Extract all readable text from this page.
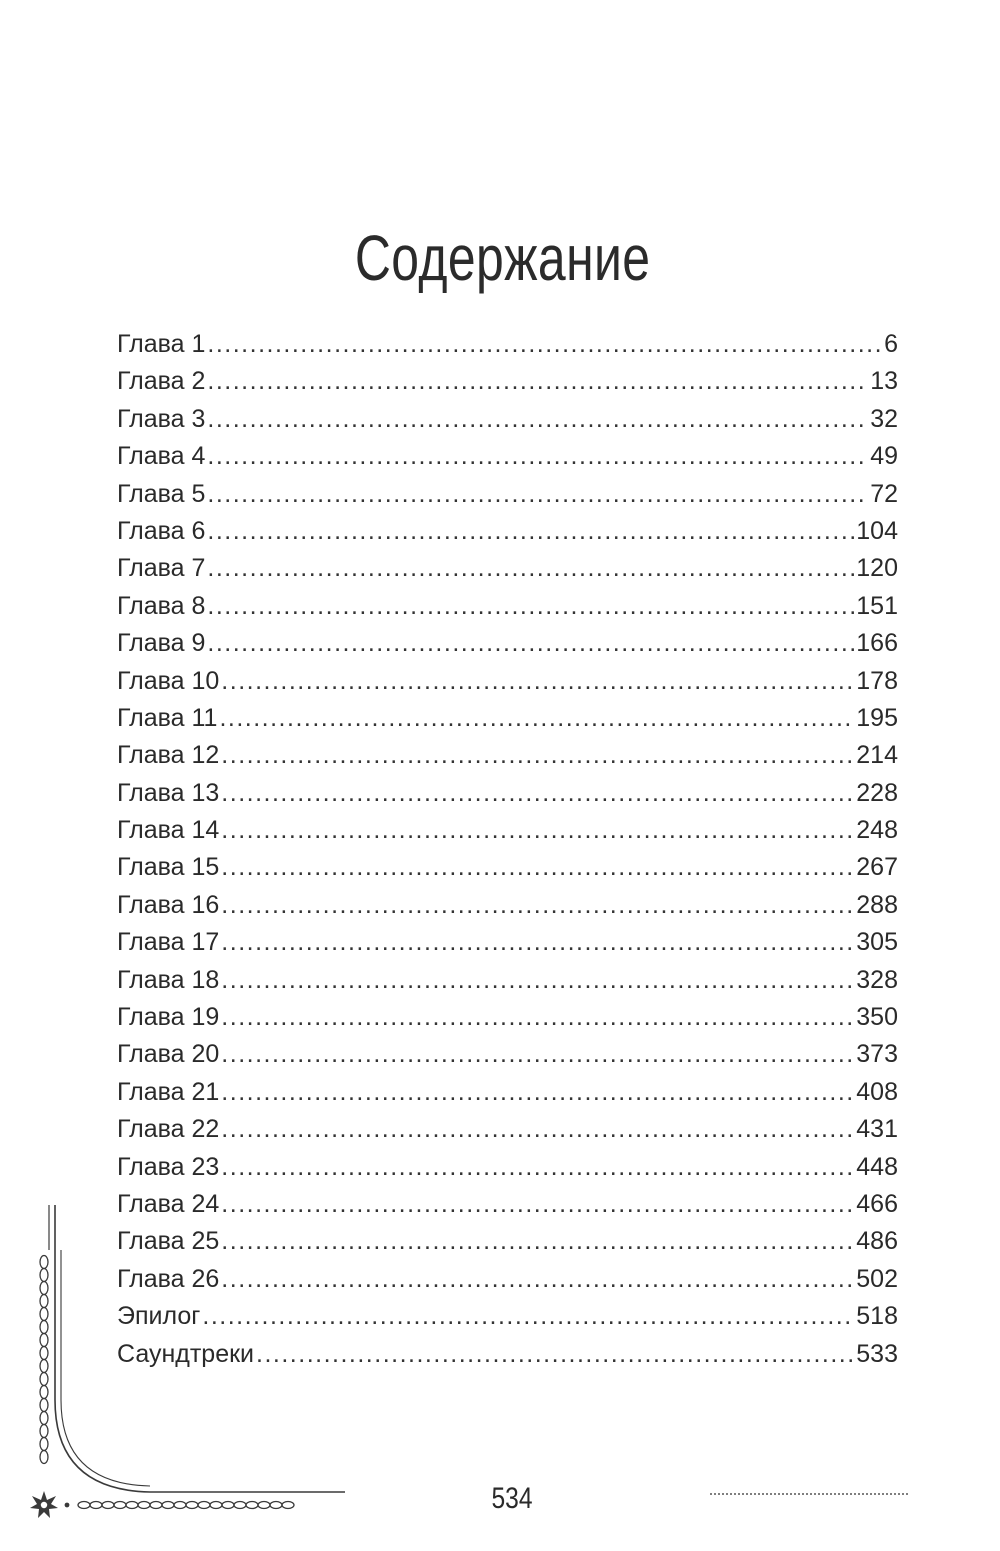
Содержание
Глава 1 .....	6
Глава 2 .....	13
Глава 3 .....	32
Глава 4 .....	49
Глава 5 .....	72
Глава 6 .....	104
Глава 7 .....	120
Глава 8 .....	151
Глава 9 .....	166
Глава 10 .....	178
Глава 11 .....	195
Глава 12 .....	214
Глава 13 .....	228
Глава 14 .....	248
Глава 15 .....	267
Глава 16 .....	288
Глава 17 .....	305
Глава 18 .....	328
Глава 19 .....	350
Глава 20 .....	373
Глава 21 .....	408
Глава 22 .....	431
Глава 23 .....	448
Глава 24 .....	466
Глава 25 .....	486
Глава 26 .....	502
Эпилог .....	518
Саундтреки .....	533
534
